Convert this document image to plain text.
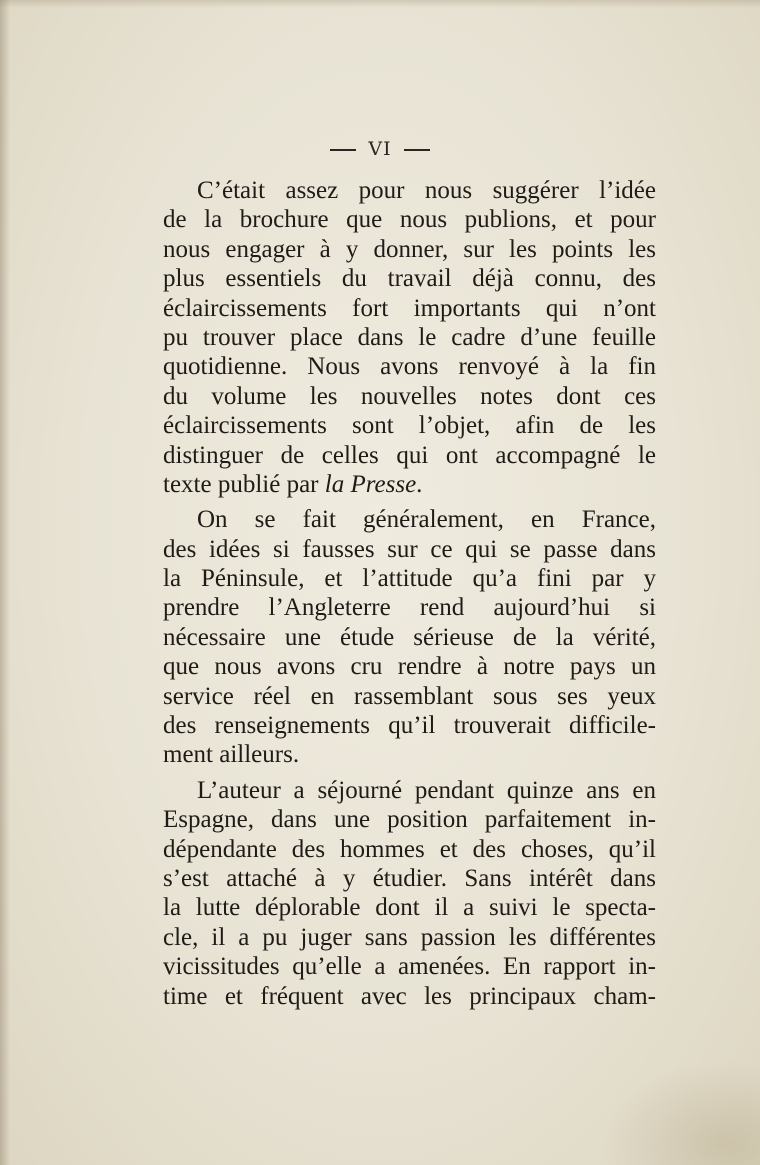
VI
C’était assez pour nous suggérer l’idée
de la brochure que nous publions, et pour
nous engager à y donner, sur les points les
plus essentiels du travail déjà connu, des
éclaircissements fort importants qui n’ont
pu trouver place dans le cadre d’une feuille
quotidienne. Nous avons renvoyé à la fin
du volume les nouvelles notes dont ces
éclaircissements sont l’objet, afin de les
distinguer de celles qui ont accompagné le
texte publié par la Presse.
On se fait généralement, en France,
des idées si fausses sur ce qui se passe dans
la Péninsule, et l’attitude qu’a fini par y
prendre l’Angleterre rend aujourd’hui si
nécessaire une étude sérieuse de la vérité,
que nous avons cru rendre à notre pays un
service réel en rassemblant sous ses yeux
des renseignements qu’il trouverait difficile-
ment ailleurs.
L’auteur a séjourné pendant quinze ans en
Espagne, dans une position parfaitement in-
dépendante des hommes et des choses, qu’il
s’est attaché à y étudier. Sans intérêt dans
la lutte déplorable dont il a suivi le specta-
cle, il a pu juger sans passion les différentes
vicissitudes qu’elle a amenées. En rapport in-
time et fréquent avec les principaux cham-
